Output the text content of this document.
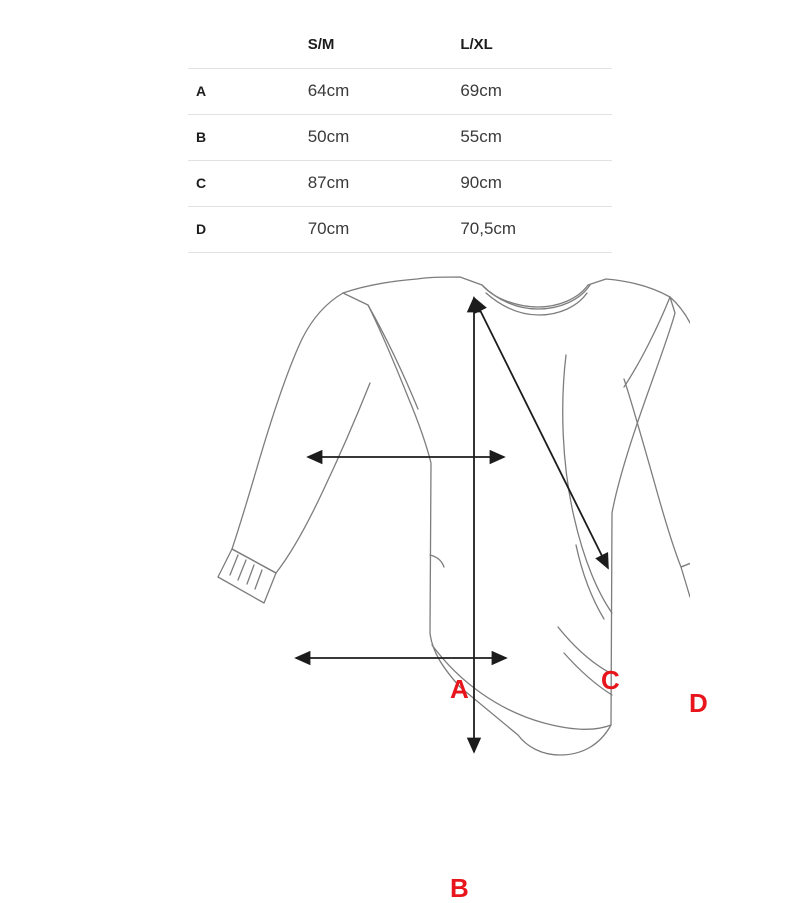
	S/M	L/XL
A	64cm	69cm
B	50cm	55cm
C	87cm	90cm
D	70cm	70,5cm
A
B
C
D
